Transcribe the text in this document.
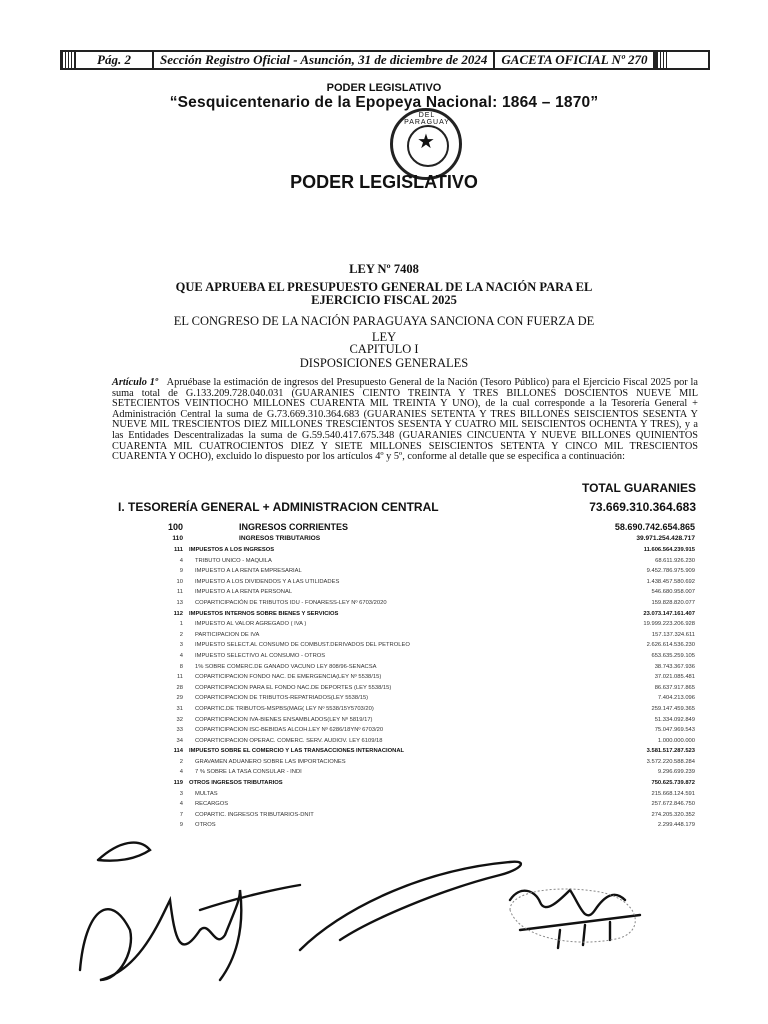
Pág. 2	Sección Registro Oficial - Asunción, 31 de diciembre de 2024	GACETA OFICIAL Nº 270
PODER LEGISLATIVO
“Sesquicentenario de la Epopeya Nacional: 1864 – 1870”
DEL PARAGUAY
★
PODER LEGISLATIVO
LEY Nº 7408
QUE APRUEBA EL PRESUPUESTO GENERAL DE LA NACIÓN PARA EL
EJERCICIO FISCAL 2025
EL CONGRESO DE LA NACIÓN PARAGUAYA SANCIONA CON FUERZA DE
LEY
CAPITULO I
DISPOSICIONES GENERALES
Artículo 1º Apruébase la estimación de ingresos del Presupuesto General de la Nación (Tesoro Público) para el Ejercicio Fiscal 2025 por la suma total de G.133.209.728.040.031 (GUARANIES CIENTO TREINTA Y TRES BILLONES DOSCIENTOS NUEVE MIL SETECIENTOS VEINTIOCHO MILLONES CUARENTA MIL TREINTA Y UNO), de la cual corresponde a la Tesorería General + Administración Central la suma de G.73.669.310.364.683 (GUARANIES SETENTA Y TRES BILLONES SEISCIENTOS SESENTA Y NUEVE MIL TRESCIENTOS DIEZ MILLONES TRESCIENTOS SESENTA Y CUATRO MIL SEISCIENTOS OCHENTA Y TRES), y a las Entidades Descentralizadas la suma de G.59.540.417.675.348 (GUARANIES CINCUENTA Y NUEVE BILLONES QUINIENTOS CUARENTA MIL CUATROCIENTOS DIEZ Y SIETE MILLONES SEISCIENTOS SETENTA Y CINCO MIL TRESCIENTOS CUARENTA Y OCHO), excluido lo dispuesto por los artículos 4º y 5º, conforme al detalle que se especifica a continuación:
TOTAL GUARANIES
I. TESORERÍA GENERAL + ADMINISTRACION CENTRAL	73.669.310.364.683
100	INGRESOS CORRIENTES	58.690.742.654.865
110	INGRESOS TRIBUTARIOS	39.971.254.428.717
111	IMPUESTOS A LOS INGRESOS	11.606.564.239.915
4	TRIBUTO UNICO - MAQUILA	68.611.926.230
9	IMPUESTO A LA RENTA EMPRESARIAL	9.452.786.975.909
10	IMPUESTO A LOS DIVIDENDOS Y A LAS UTILIDADES	1.438.457.580.692
11	IMPUESTO A LA RENTA PERSONAL	546.680.958.007
13	COPARTICIPACIÓN DE TRIBUTOS IDU - FONARESS-LEY Nº 6703/2020	159.828.820.077
112	IMPUESTOS INTERNOS SOBRE BIENES Y SERVICIOS	23.073.147.161.407
1	IMPUESTO AL VALOR AGREGADO ( IVA )	19.999.223.206.928
2	PARTICIPACION DE IVA	157.137.324.611
3	IMPUESTO SELECT.AL CONSUMO DE COMBUST.DERIVADOS DEL PETROLEO	2.626.614.536.230
4	IMPUESTO SELECTIVO AL CONSUMO - OTROS	653.635.259.105
8	1% SOBRE COMERC.DE GANADO VACUNO LEY 808/96-SENACSA	38.743.367.936
11	COPARTICIPACION FONDO NAC. DE EMERGENCIA(LEY Nº 5538/15)	37.021.085.481
28	COPARTICIPACION PARA EL FONDO NAC.DE DEPORTES (LEY 5538/15)	86.637.917.865
29	COPARTICIPACION DE TRIBUTOS-REPATRIADOS(LEY 5538/15)	7.404.213.096
31	COPARTIC.DE TRIBUTOS-MSPBS(MAG( LEY Nº 5538/15Y5703/20)	259.147.459.365
32	COPARTICIPACION IVA-BIENES ENSAMBLADOS(LEY Nº 5819/17)	51.334.092.849
33	COPARTICIPACION ISC-BEBIDAS ALCOH.LEY Nº 6286/18YNº 6703/20	75.047.969.543
34	COPARTICIPACION OPERAC. COMERC. SERV. AUDIOV. LEY 6109/18	1.000.000.000
114	IMPUESTO SOBRE EL COMERCIO Y LAS TRANSACCIONES INTERNACIONAL	3.581.517.287.523
2	GRAVAMEN ADUANERO SOBRE LAS IMPORTACIONES	3.572.220.588.284
4	7 % SOBRE LA TASA CONSULAR - INDI	9.296.699.239
119	OTROS INGRESOS TRIBUTARIOS	750.625.739.872
3	MULTAS	215.668.124.591
4	RECARGOS	257.672.846.750
7	COPARTIC. INGRESOS TRIBUTARIOS-DNIT	274.205.320.352
9	OTROS	2.299.448.179
